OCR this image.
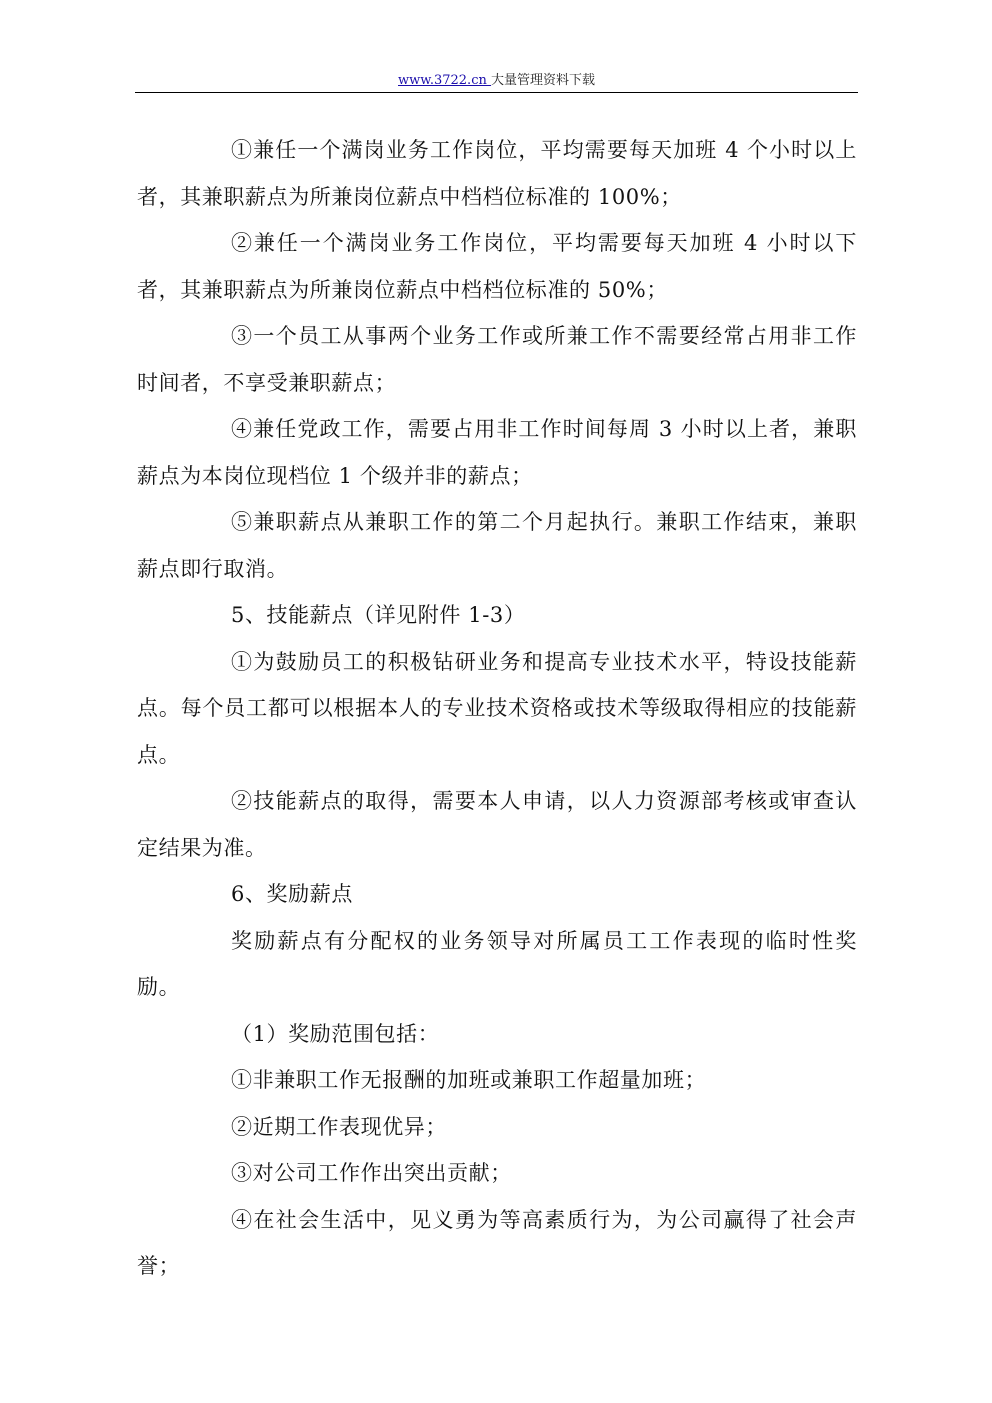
www.3722.cn 大量管理资料下载

①兼任一个满岗业务工作岗位，平均需要每天加班 4 个小时以上者，其兼职薪点为所兼岗位薪点中档档位标准的 100%；

②兼任一个满岗业务工作岗位，平均需要每天加班 4 小时以下者，其兼职薪点为所兼岗位薪点中档档位标准的 50%；

③一个员工从事两个业务工作或所兼工作不需要经常占用非工作时间者，不享受兼职薪点；

④兼任党政工作，需要占用非工作时间每周 3 小时以上者，兼职薪点为本岗位现档位 1 个级并非的薪点；

⑤兼职薪点从兼职工作的第二个月起执行。兼职工作结束，兼职薪点即行取消。

5、技能薪点（详见附件 1-3）

①为鼓励员工的积极钻研业务和提高专业技术水平，特设技能薪点。每个员工都可以根据本人的专业技术资格或技术等级取得相应的技能薪点。

②技能薪点的取得，需要本人申请，以人力资源部考核或审查认定结果为准。

6、奖励薪点

奖励薪点有分配权的业务领导对所属员工工作表现的临时性奖励。

（1）奖励范围包括：

①非兼职工作无报酬的加班或兼职工作超量加班；

②近期工作表现优异；

③对公司工作作出突出贡献；

④在社会生活中，见义勇为等高素质行为，为公司赢得了社会声誉；
